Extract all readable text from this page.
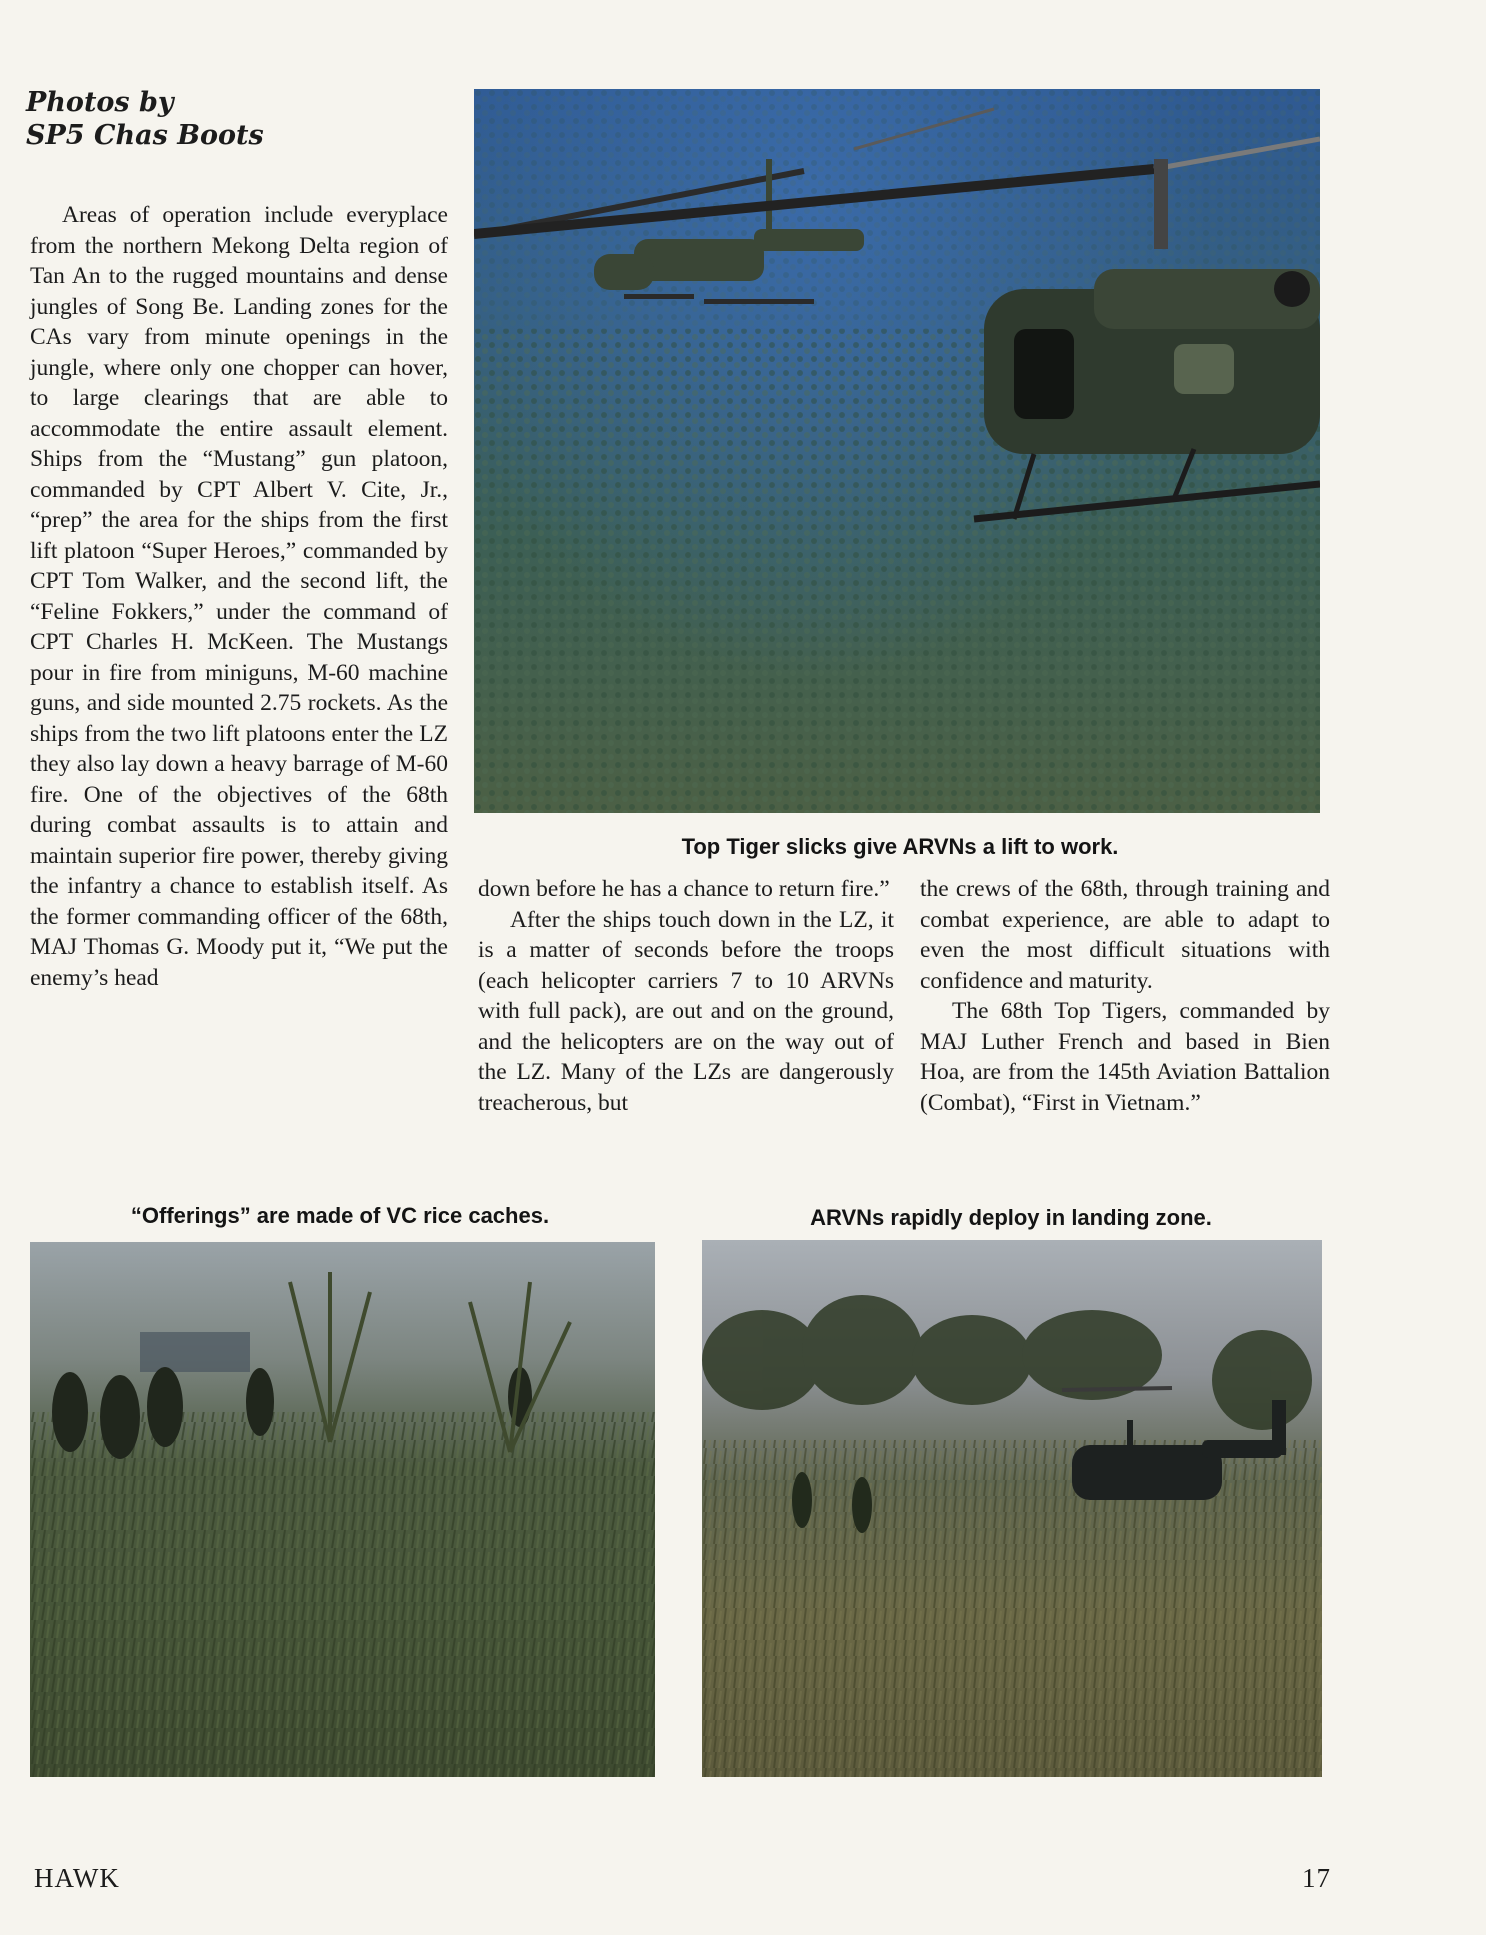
Photos by
SP5 Chas Boots

Areas of operation include everyplace from the northern Mekong Delta region of Tan An to the rugged mountains and dense jungles of Song Be. Landing zones for the CAs vary from minute openings in the jungle, where only one chopper can hover, to large clearings that are able to accommodate the entire assault element. Ships from the “Mustang” gun platoon, commanded by CPT Albert V. Cite, Jr., “prep” the area for the ships from the first lift platoon “Super Heroes,” commanded by CPT Tom Walker, and the second lift, the “Feline Fokkers,” under the command of CPT Charles H. McKeen. The Mustangs pour in fire from miniguns, M-60 machine guns, and side mounted 2.75 rockets. As the ships from the two lift platoons enter the LZ they also lay down a heavy barrage of M-60 fire. One of the objectives of the 68th during combat assaults is to attain and maintain superior fire power, thereby giving the infantry a chance to establish itself. As the former commanding officer of the 68th, MAJ Thomas G. Moody put it, “We put the enemy’s head

Top Tiger slicks give ARVNs a lift to work.

down before he has a chance to return fire.”

After the ships touch down in the LZ, it is a matter of seconds before the troops (each helicopter carriers 7 to 10 ARVNs with full pack), are out and on the ground, and the helicopters are on the way out of the LZ. Many of the LZs are dangerously treacherous, but

the crews of the 68th, through training and combat experience, are able to adapt to even the most difficult situations with confidence and maturity.

The 68th Top Tigers, commanded by MAJ Luther French and based in Bien Hoa, are from the 145th Aviation Battalion (Combat), “First in Vietnam.”

“Offerings” are made of VC rice caches.	ARVNs rapidly deploy in landing zone.
HAWK	17
